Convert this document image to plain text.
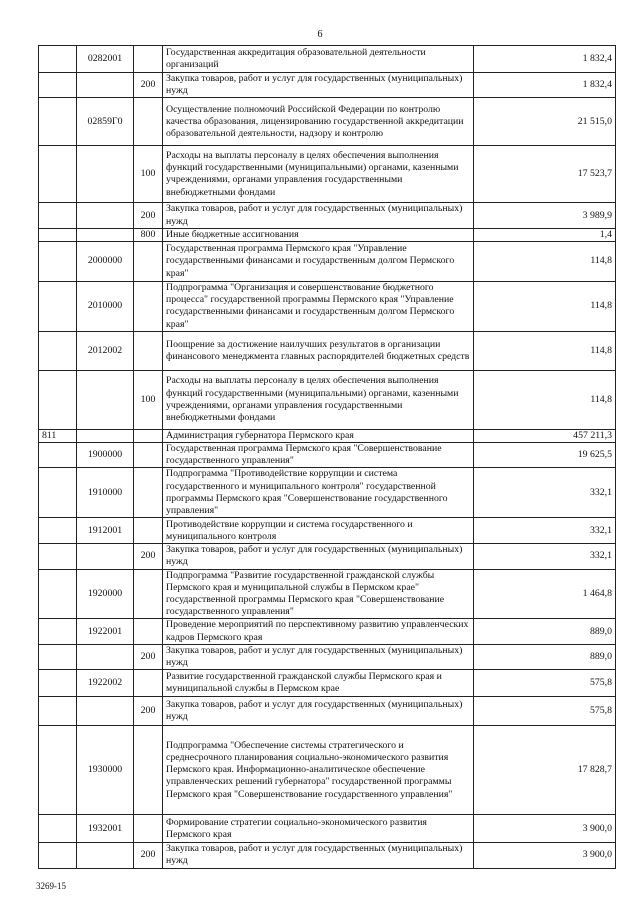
6
	0282001		Государственная аккредитация образовательной деятельности организаций	1 832,4
		200	Закупка товаров, работ и услуг для государственных (муниципальных) нужд	1 832,4
	02859Г0		Осуществление полномочий Российской Федерации по контролю качества образования, лицензированию государственной аккредитации образовательной деятельности, надзору и контролю	21 515,0
		100	Расходы на выплаты персоналу в целях обеспечения выполнения функций государственными (муниципальными) органами, казенными учреждениями, органами управления государственными внебюджетными фондами	17 523,7
		200	Закупка товаров, работ и услуг для государственных (муниципальных) нужд	3 989,9
		800	Иные бюджетные ассигнования	1,4
	2000000		Государственная программа Пермского края "Управление государственными финансами и государственным долгом Пермского края"	114,8
	2010000		Подпрограмма "Организация и совершенствование бюджетного процесса" государственной программы Пермского края "Управление государственными финансами и государственным долгом Пермского края"	114,8
	2012002		Поощрение за достижение наилучших результатов в организации финансового менеджмента главных распорядителей бюджетных средств	114,8
		100	Расходы на выплаты персоналу в целях обеспечения выполнения функций государственными (муниципальными) органами, казенными учреждениями, органами управления государственными внебюджетными фондами	114,8
811			Администрация губернатора Пермского края	457 211,3
	1900000		Государственная программа Пермского края "Совершенствование государственного управления"	19 625,5
	1910000		Подпрограмма "Противодействие коррупции и система государственного и муниципального контроля" государственной программы Пермского края "Совершенствование государственного управления"	332,1
	1912001		Противодействие коррупции и система государственного и муниципального контроля	332,1
		200	Закупка товаров, работ и услуг для государственных (муниципальных) нужд	332,1
	1920000		Подпрограмма "Развитие государственной гражданской службы Пермского края и муниципальной службы в Пермском крае" государственной программы Пермского края "Совершенствование государственного управления"	1 464,8
	1922001		Проведение мероприятий по перспективному развитию управленческих кадров Пермского края	889,0
		200	Закупка товаров, работ и услуг для государственных (муниципальных) нужд	889,0
	1922002		Развитие государственной гражданской службы Пермского края и муниципальной службы в Пермском крае	575,8
		200	Закупка товаров, работ и услуг для государственных (муниципальных) нужд	575,8
	1930000		Подпрограмма "Обеспечение системы стратегического и среднесрочного планирования социально-экономического развития Пермского края. Информационно-аналитическое обеспечение управленческих решений губернатора" государственной программы Пермского края "Совершенствование государственного управления"	17 828,7
	1932001		Формирование стратегии социально-экономического развития Пермского края	3 900,0
		200	Закупка товаров, работ и услуг для государственных (муниципальных) нужд	3 900,0
3269-15
